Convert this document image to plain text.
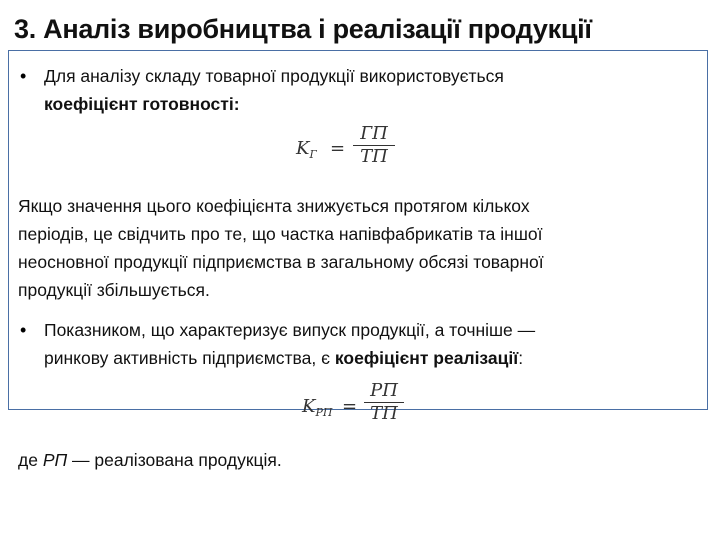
3. Аналіз виробництва і реалізації продукції
• Для аналізу складу товарної продукції використовується
коефіцієнт готовності:
$K_Г$ =
ГП
ТП
Якщо значення цього коефіцієнта знижується протягом кількох
періодів, це свідчить про те, що частка напівфабрикатів та іншої
неосновної продукції підприємства в загальному обсязі товарної
продукції збільшується.
• Показником, що характеризує випуск продукції, а точніше —
ринкову активність підприємства, є коефіцієнт реалізації:
$K_{РП}$ =
РП
ТП
де РП — реалізована продукція.
